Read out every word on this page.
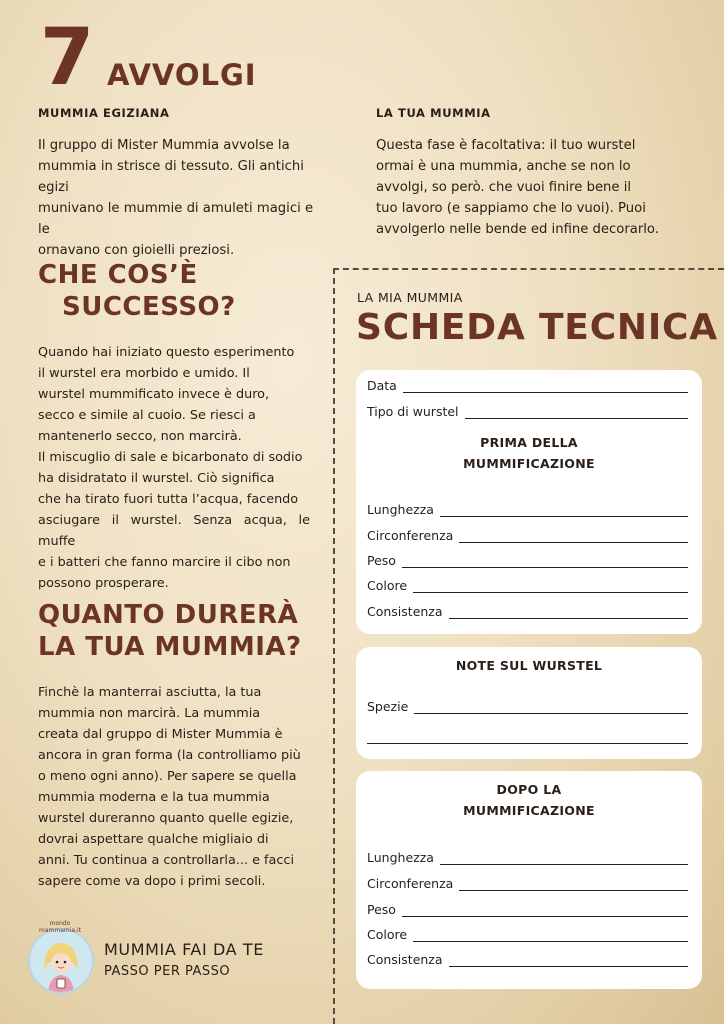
7 AVVOLGI
MUMMIA EGIZIANA
Il gruppo di Mister Mummia avvolse la
mummia in strisce di tessuto. Gli antichi egizi
munivano le mummie di amuleti magici e le
ornavano con gioielli preziosi.
LA TUA MUMMIA
Questa fase è facoltativa: il tuo wurstel
ormai è una mummia, anche se non lo
avvolgi, so però. che vuoi finire bene il
tuo lavoro (e sappiamo che lo vuoi). Puoi
avvolgerlo nelle bende ed infine decorarlo.
CHE COS’È
SUCCESSO?
Quando hai iniziato questo esperimento
il wurstel era morbido e umido. Il
wurstel mummificato invece è duro,
secco e simile al cuoio. Se riesci a
mantenerlo secco, non marcirà.
Il miscuglio di sale e bicarbonato di sodio
ha disidratato il wurstel. Ciò significa
che ha tirato fuori tutta l’acqua, facendo
asciugare il wurstel. Senza acqua, le muffe
e i batteri che fanno marcire il cibo non
possono prosperare.
QUANTO DURERÀ
LA TUA MUMMIA?
Finchè la manterrai asciutta, la tua
mummia non marcirà. La mummia
creata dal gruppo di Mister Mummia è
ancora in gran forma (la controlliamo più
o meno ogni anno). Per sapere se quella
mummia moderna e la tua mummia
wurstel dureranno quanto quelle egizie,
dovrai aspettare qualche migliaio di
anni. Tu continua a controllarla... e facci
sapere come va dopo i primi secoli.
LA MIA MUMMIA
SCHEDA TECNICA
Data
Tipo di wurstel
PRIMA DELLA
MUMMIFICAZIONE
Lunghezza
Circonferenza
Peso
Colore
Consistenza
NOTE SUL WURSTEL
Spezie
DOPO LA
MUMMIFICAZIONE
Lunghezza
Circonferenza
Peso
Colore
Consistenza
mondo mammamia.it
MUMMIA FAI DA TE
PASSO PER PASSO
